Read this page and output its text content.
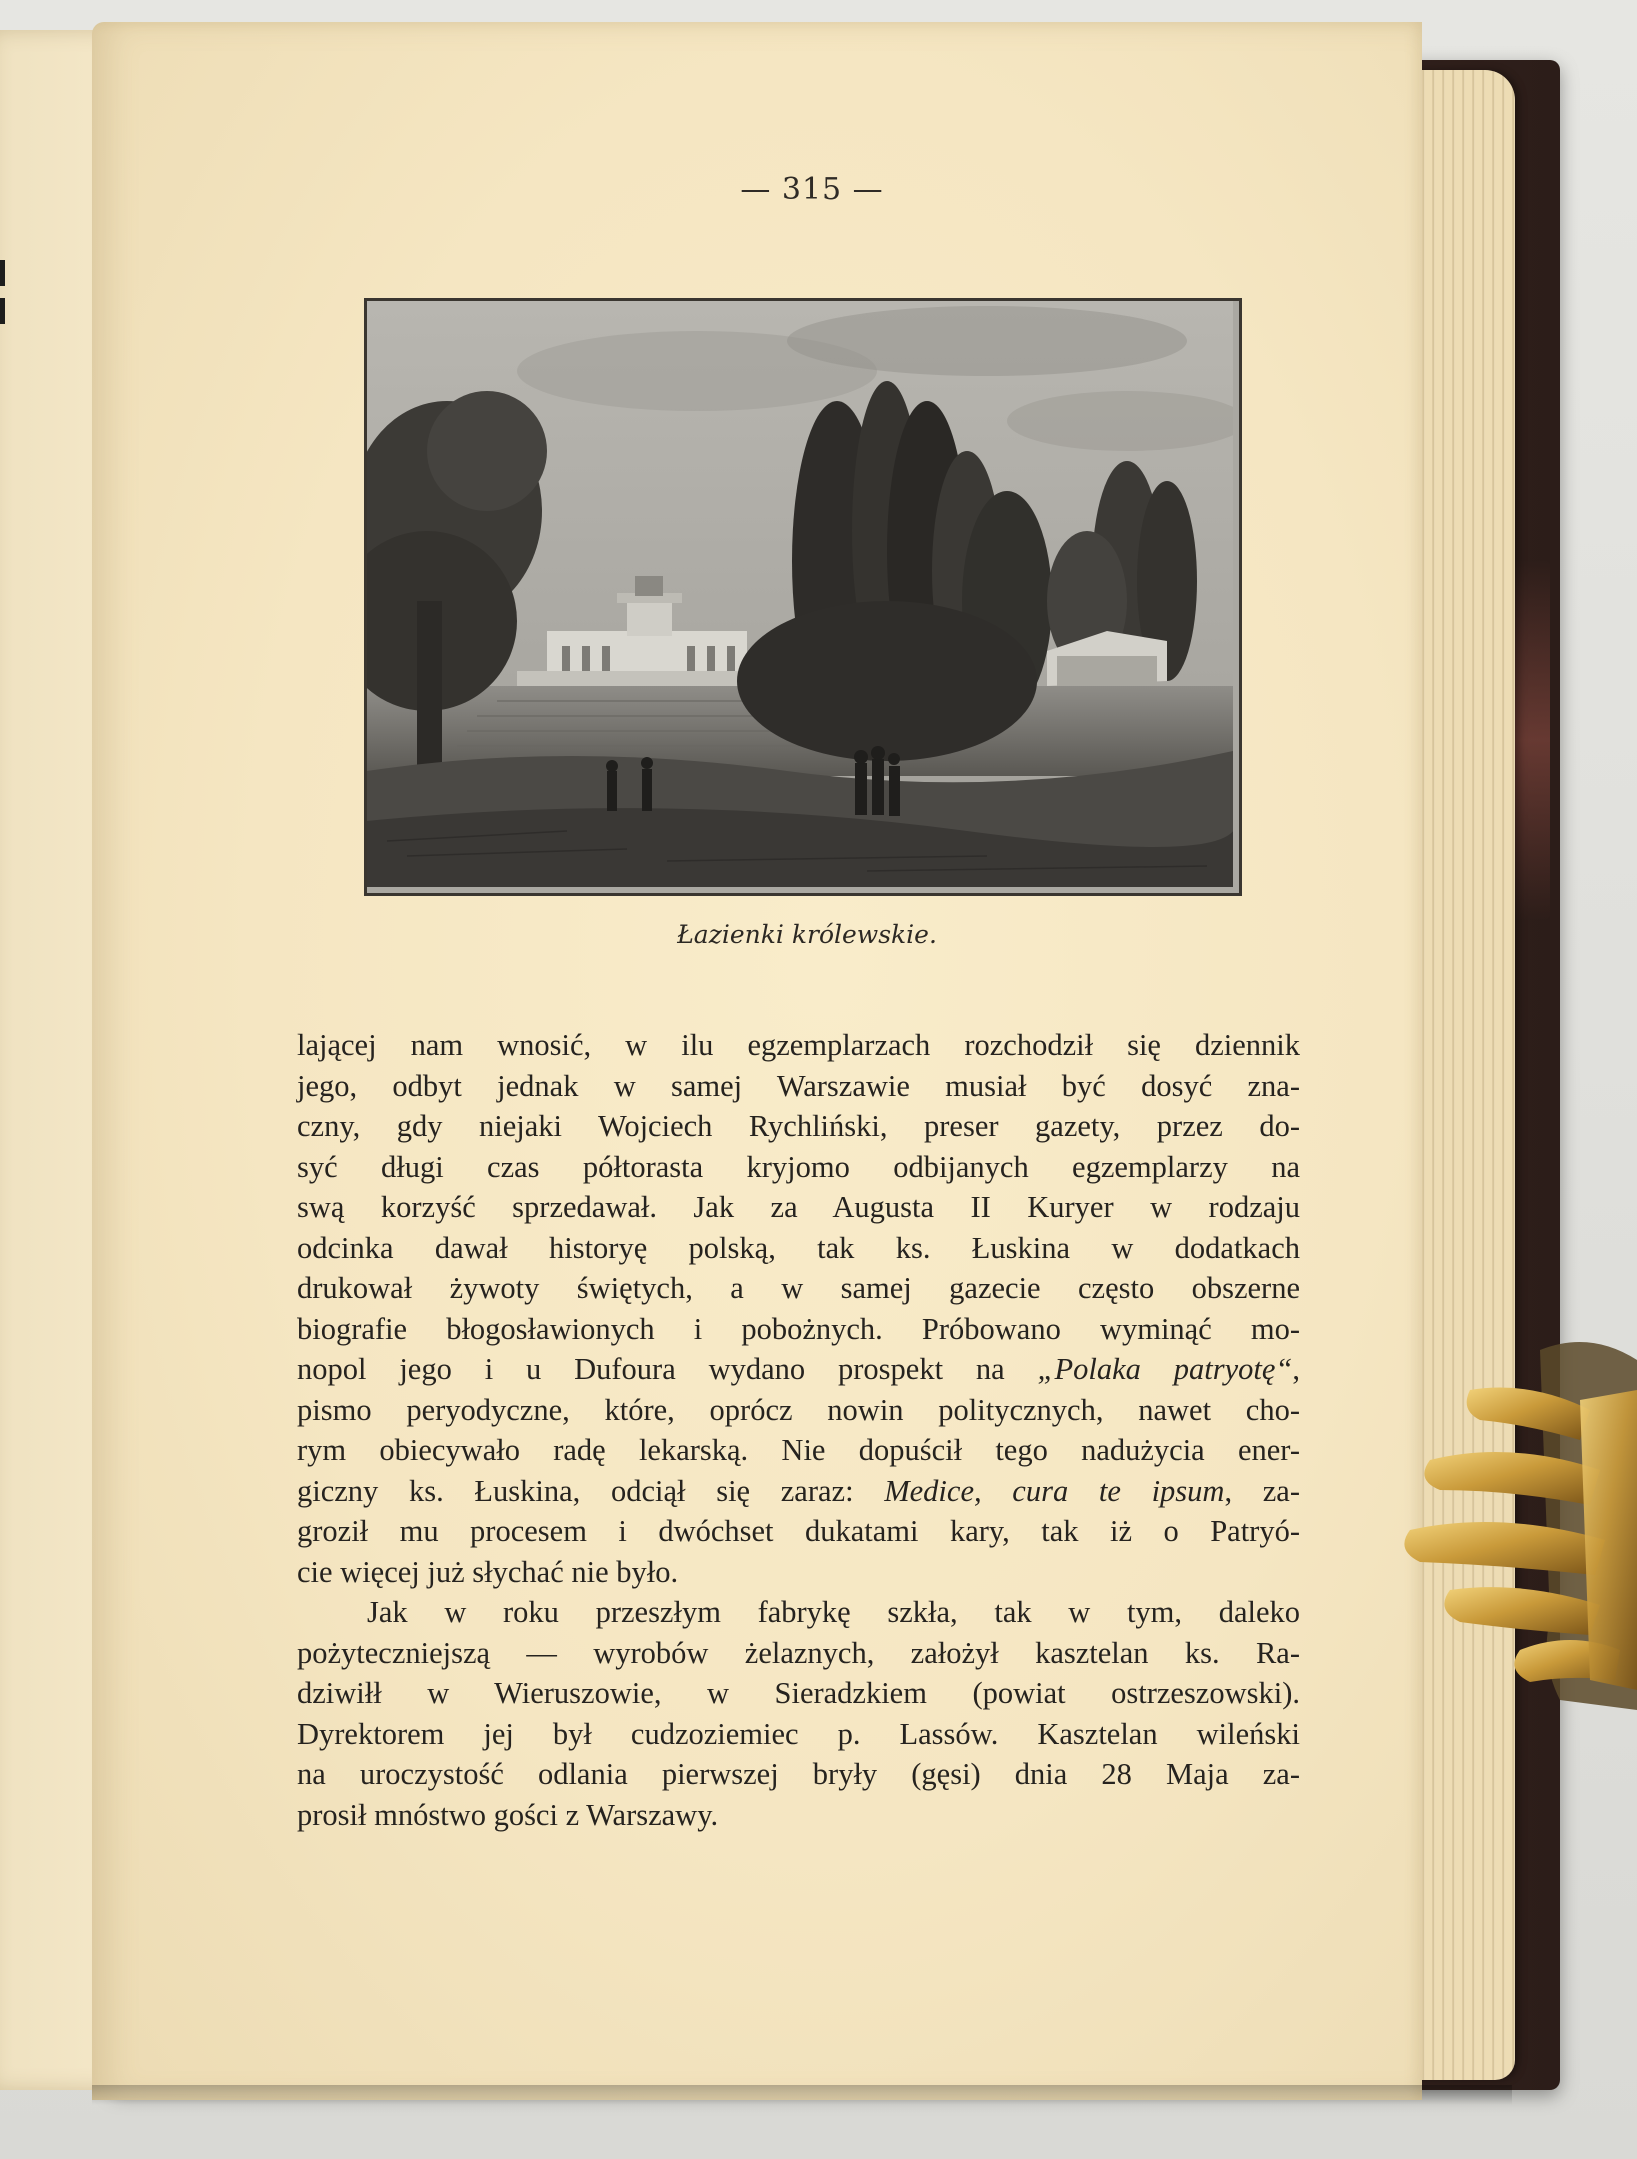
— 315 —
Łazienki królewskie.
lającej nam wnosić, w ilu egzemplarzach rozchodził się dziennik
jego, odbyt jednak w samej Warszawie musiał być dosyć zna-
czny, gdy niejaki Wojciech Rychliński, preser gazety, przez do-
syć długi czas półtorasta kryjomo odbijanych egzemplarzy na
swą korzyść sprzedawał. Jak za Augusta II Kuryer w rodzaju
odcinka dawał historyę polską, tak ks. Łuskina w dodatkach
drukował żywoty świętych, a w samej gazecie często obszerne
biografie błogosławionych i pobożnych. Próbowano wyminąć mo-
nopol jego i u Dufoura wydano prospekt na „Polaka patryotę“,
pismo peryodyczne, które, oprócz nowin politycznych, nawet cho-
rym obiecywało radę lekarską. Nie dopuścił tego nadużycia ener-
giczny ks. Łuskina, odciął się zaraz: Medice, cura te ipsum, za-
groził mu procesem i dwóchset dukatami kary, tak iż o Patryó-
cie więcej już słychać nie było.
Jak w roku przeszłym fabrykę szkła, tak w tym, daleko
pożyteczniejszą — wyrobów żelaznych, założył kasztelan ks. Ra-
dziwiłł w Wieruszowie, w Sieradzkiem (powiat ostrzeszowski).
Dyrektorem jej był cudzoziemiec p. Lassów. Kasztelan wileński
na uroczystość odlania pierwszej bryły (gęsi) dnia 28 Maja za-
prosił mnóstwo gości z Warszawy.
